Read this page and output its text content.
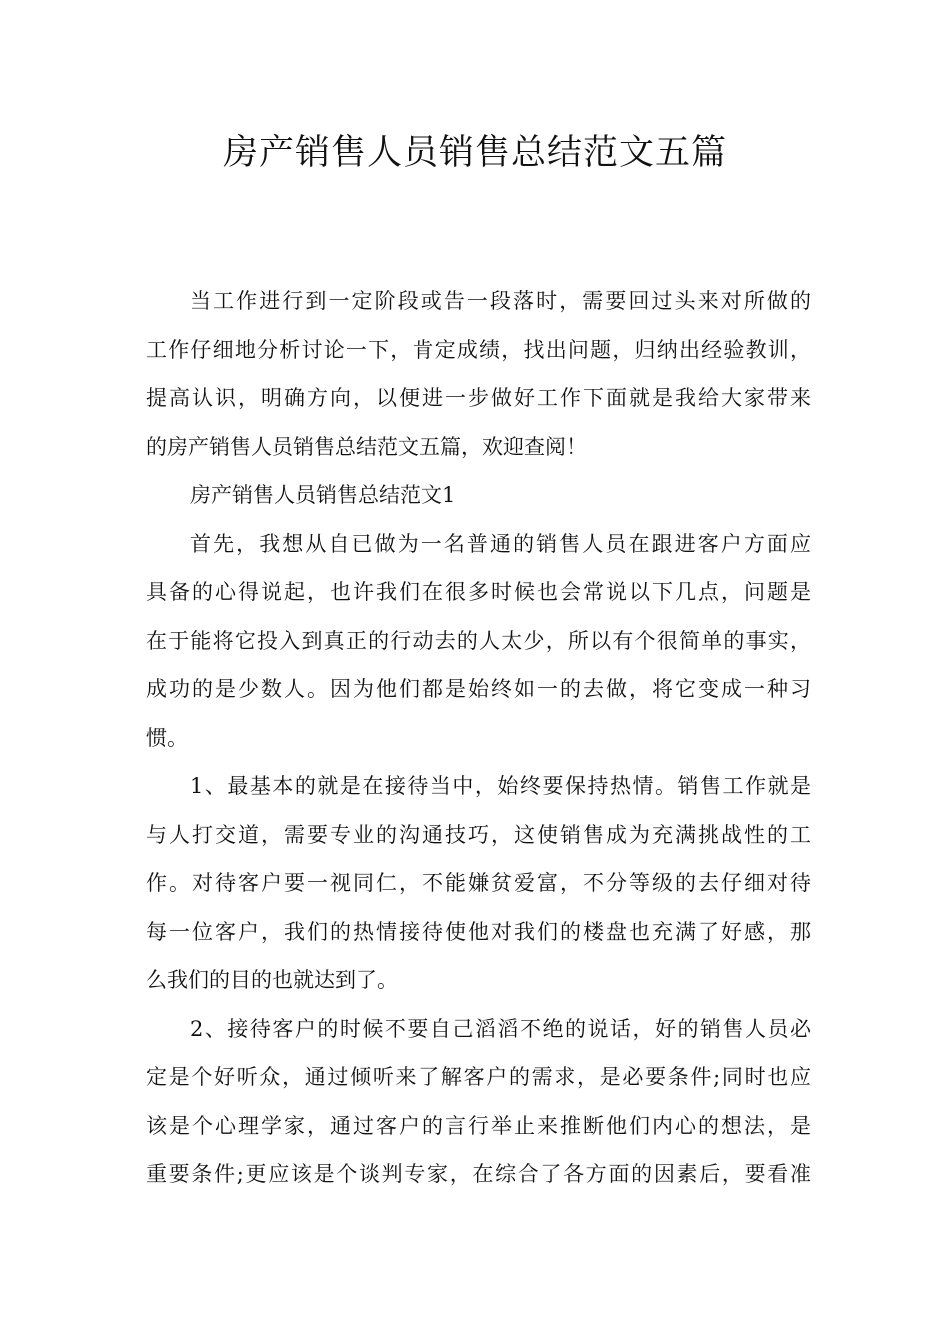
房产销售人员销售总结范文五篇
当工作进行到一定阶段或告一段落时，需要回过头来对所做的
工作仔细地分析讨论一下，肯定成绩，找出问题，归纳出经验教训，
提高认识，明确方向，以便进一步做好工作下面就是我给大家带来
的房产销售人员销售总结范文五篇，欢迎查阅！
房产销售人员销售总结范文1
首先，我想从自已做为一名普通的销售人员在跟进客户方面应
具备的心得说起，也许我们在很多时候也会常说以下几点，问题是
在于能将它投入到真正的行动去的人太少，所以有个很简单的事实，
成功的是少数人。因为他们都是始终如一的去做，将它变成一种习
惯。
1、最基本的就是在接待当中，始终要保持热情。销售工作就是
与人打交道，需要专业的沟通技巧，这使销售成为充满挑战性的工
作。对待客户要一视同仁，不能嫌贫爱富，不分等级的去仔细对待
每一位客户，我们的热情接待使他对我们的楼盘也充满了好感，那
么我们的目的也就达到了。
2、接待客户的时候不要自己滔滔不绝的说话，好的销售人员必
定是个好听众，通过倾听来了解客户的需求，是必要条件;同时也应
该是个心理学家，通过客户的言行举止来推断他们内心的想法，是
重要条件;更应该是个谈判专家，在综合了各方面的因素后，要看准
